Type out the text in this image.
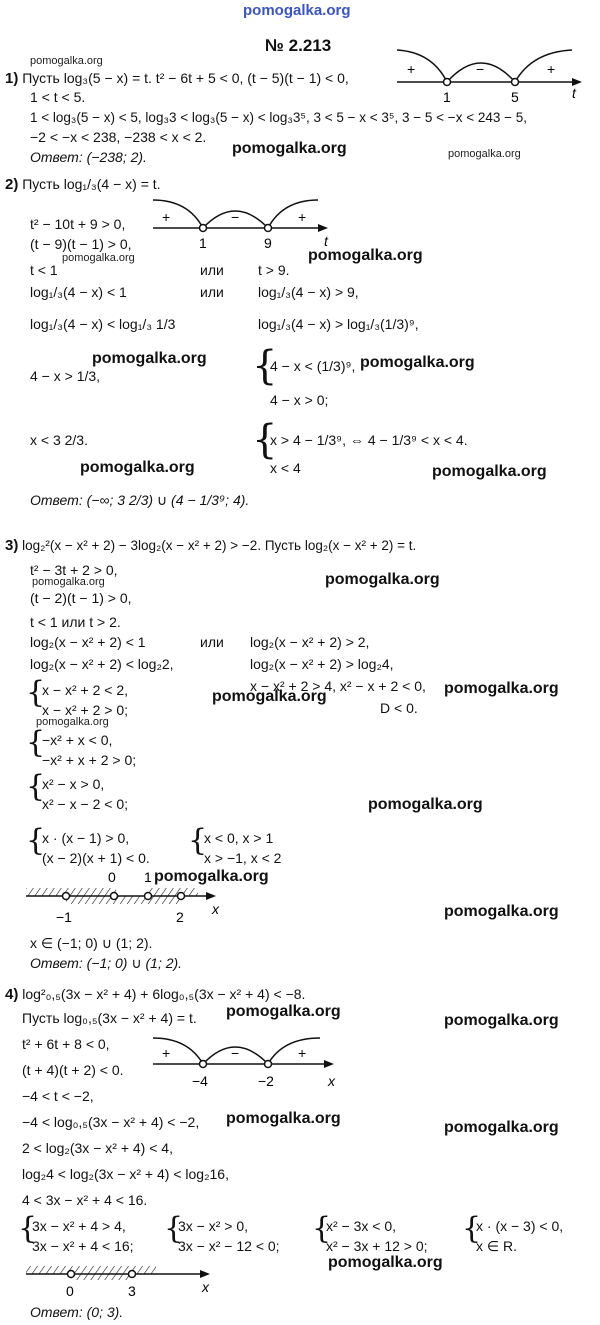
pomogalka.org
№ 2.213
pomogalka.org
1) Пусть log₃(5 − x) = t. t² − 6t + 5 < 0, (t − 5)(t − 1) < 0,
1 < t < 5.
1 < log₃(5 − x) < 5, log₃3 < log₃(5 − x) < log₃3⁵, 3 < 5 − x < 3⁵, 3 − 5 < −x < 243 − 5,
−2 < −x < 238, −238 < x < 2.
Ответ: (−238; 2).	pomogalka.org	pomogalka.org
+	−	+
1	5	t
2) Пусть log₁/₃(4 − x) = t.
t² − 10t + 9 > 0,
(t − 9)(t − 1) > 0,
pomogalka.org
t < 1	или t > 9.
pomogalka.org
log₁/₃(4 − x) < 1	или log₁/₃(4 − x) > 9,
log₁/₃(4 − x) < log₁/₃ 1/3	log₁/₃(4 − x) > log₁/₃(1/3)⁹,
4 − x > 1/3,
pomogalka.org {
4 − x < (1/3)⁹, pomogalka.org
4 − x > 0;
x < 3 2/3.	{
x > 4 − 1/3⁹, ⇔ 4 − 1/3⁹ < x < 4.
x < 4
pomogalka.org	pomogalka.org
Ответ: (−∞; 3 2/3) ∪ (4 − 1/3⁹; 4).
+	−	+
1	9	t
3) log₂²(x − x² + 2) − 3log₂(x − x² + 2) > −2. Пусть log₂(x − x² + 2) = t.
t² − 3t + 2 > 0,
pomogalka.org
(t − 2)(t − 1) > 0,
t < 1 или t > 2.
log₂(x − x² + 2) < 1	или log₂(x − x² + 2) > 2,
log₂(x − x² + 2) < log₂2,	log₂(x − x² + 2) > log₂4,
x − x² + 2 > 4, x² − x + 2 < 0,
D < 0.
pomogalka.org
pomogalka.org	pomogalka.org
{
x − x² + 2 < 2,
x − x² + 2 > 0;
pomogalka.org
{
−x² + x < 0,
−x² + x + 2 > 0;
{
x² − x > 0,
x² − x − 2 < 0;	pomogalka.org
{
x · (x − 1) > 0,
(x − 2)(x + 1) < 0. {
x < 0, x > 1
x > −1, x < 2
pomogalka.org
pomogalka.org
0 1
−1	2 x
x ∈ (−1; 0) ∪ (1; 2).
Ответ: (−1; 0) ∪ (1; 2).
4) log²₀,₅(3x − x² + 4) + 6log₀,₅(3x − x² + 4) < −8.
Пусть log₀,₅(3x − x² + 4) = t. pomogalka.org
pomogalka.org
t² + 6t + 8 < 0,
(t + 4)(t + 2) < 0.
−4 < t < −2,
−4 < log₀,₅(3x − x² + 4) < −2, pomogalka.org
pomogalka.org
2 < log₂(3x − x² + 4) < 4,
log₂4 < log₂(3x − x² + 4) < log₂16,
4 < 3x − x² + 4 < 16.
+	−	+
−4	−2	x
{
3x − x² + 4 > 4,
3x − x² + 4 < 16; {
3x − x² > 0,
3x − x² − 12 < 0; {
x² − 3x < 0,
x² − 3x + 12 > 0; {
x · (x − 3) < 0,
x ∈ R.
pomogalka.org
0	3	x
Ответ: (0; 3).
